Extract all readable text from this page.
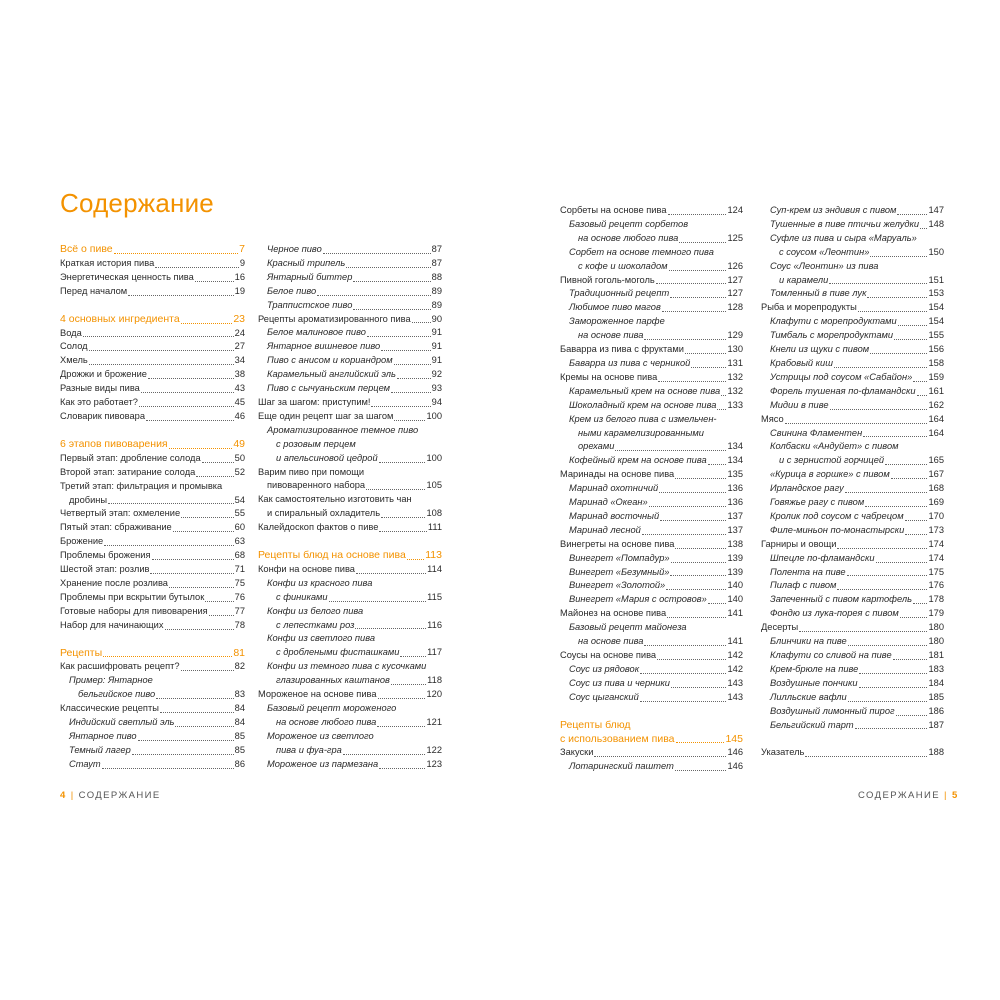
Содержание
Всё о пиве	7
Краткая история пива	9
Энергетическая ценность пива	16
Перед началом	19
4 основных ингредиента	23
Вода	24
Солод	27
Хмель	34
Дрожжи и брожение	38
Разные виды пива	43
Как это работает?	45
Словарик пивовара	46
6 этапов пивоварения	49
Первый этап: дробление солода	50
Второй этап: затирание солода	52
Третий этап: фильтрация и промывка
дробины	54
Четвертый этап: охмеление	55
Пятый этап: сбраживание	60
Брожение	63
Проблемы брожения	68
Шестой этап: розлив	71
Хранение после розлива	75
Проблемы при вскрытии бутылок	76
Готовые наборы для пивоварения	77
Набор для начинающих	78
Рецепты	81
Как расшифровать рецепт?	82
Пример: Янтарное
бельгийское пиво	83
Классические рецепты	84
Индийский светлый эль	84
Янтарное пиво	85
Темный лагер	85
Стаут	86
Черное пиво	87
Красный трипель	87
Янтарный биттер	88
Белое пиво	89
Траппистское пиво	89
Рецепты ароматизированного пива 90
Белое малиновое пиво	91
Янтарное вишневое пиво	91
Пиво с анисом и кориандром	91
Карамельный английский эль	92
Пиво с сычуаньским перцем	93
Шаг за шагом: приступим!	94
Еще один рецепт шаг за шагом	100
Ароматизированное темное пиво
с розовым перцем
и апельсиновой цедрой	100
Варим пиво при помощи
пивоваренного набора	105
Как самостоятельно изготовить чан
и спиральный охладитель	108
Калейдоскоп фактов о пиве	111
Рецепты блюд на основе пива 113
Конфи на основе пива	114
Конфи из красного пива
с финиками	115
Конфи из белого пива
с лепестками роз	116
Конфи из светлого пива
с дроблеными фисташками	117
Конфи из темного пива с кусочками
глазированных каштанов	118
Мороженое на основе пива	120
Базовый рецепт мороженого
на основе любого пива	121
Мороженое из светлого
пива и фуа-гра	122
Мороженое из пармезана	123
Сорбеты на основе пива	124
Базовый рецепт сорбетов
на основе любого пива	125
Сорбет на основе темного пива
с кофе и шоколадом	126
Пивной гоголь-моголь	127
Традиционный рецепт	127
Любимое пиво магов	128
Замороженное парфе
на основе пива	129
Баварра из пива с фруктами	130
Баварра из пива с черникой	131
Кремы на основе пива	132
Карамельный крем на основе пива 132
Шоколадный крем на основе пива 133
Крем из белого пива с измельчен-
ными карамелизированными
орехами	134
Кофейный крем на основе пива 134
Маринады на основе пива	135
Маринад охотничий	136
Маринад «Океан»	136
Маринад восточный	137
Маринад лесной	137
Винегреты на основе пива	138
Винегрет «Помпадур»	139
Винегрет «Безумный»	139
Винегрет «Золотой»	140
Винегрет «Мария с островов» 140
Майонез на основе пива	141
Базовый рецепт майонеза
на основе пива	141
Соусы на основе пива	142
Соус из рядовок	142
Соус из пива и черники	143
Соус цыганский	143
Рецепты блюд
с использованием пива	145
Закуски	146
Лотарингский паштет	146
Суп-крем из эндивия с пивом	147
Тушенные в пиве птичьи желудки 148
Суфле из пива и сыра «Маруаль»
с соусом «Леонтин»	150
Соус «Леонтин» из пива
и карамели	151
Томленный в пиве лук	153
Рыба и морепродукты	154
Клафути с морепродуктами	154
Тимбаль с морепродуктами	155
Кнели из щуки с пивом	156
Крабовый киш	158
Устрицы под соусом «Сабайон» 159
Форель тушеная по-фламандски 161
Мидии в пиве	162
Мясо	164
Свинина Фламентен	164
Колбаски «Андуйет» с пивом
и с зернистой горчицей	165
«Курица в горшке» с пивом	167
Ирландское рагу	168
Говяжье рагу с пивом	169
Кролик под соусом с чабрецом	170
Филе-миньон по-монастырски	173
Гарниры и овощи	174
Шпецле по-фламандски	174
Полента на пиве	175
Пилаф с пивом	176
Запеченный с пивом картофель 178
Фондю из лука-порея с пивом	179
Десерты	180
Блинчики на пиве	180
Клафути со сливой на пиве	181
Крем-брюле на пиве	183
Воздушные пончики	184
Лилльские вафли	185
Воздушный лимонный пирог	186
Бельгийский тарт	187
Указатель	188
4 | СОДЕРЖАНИЕ	СОДЕРЖАНИЕ | 5
